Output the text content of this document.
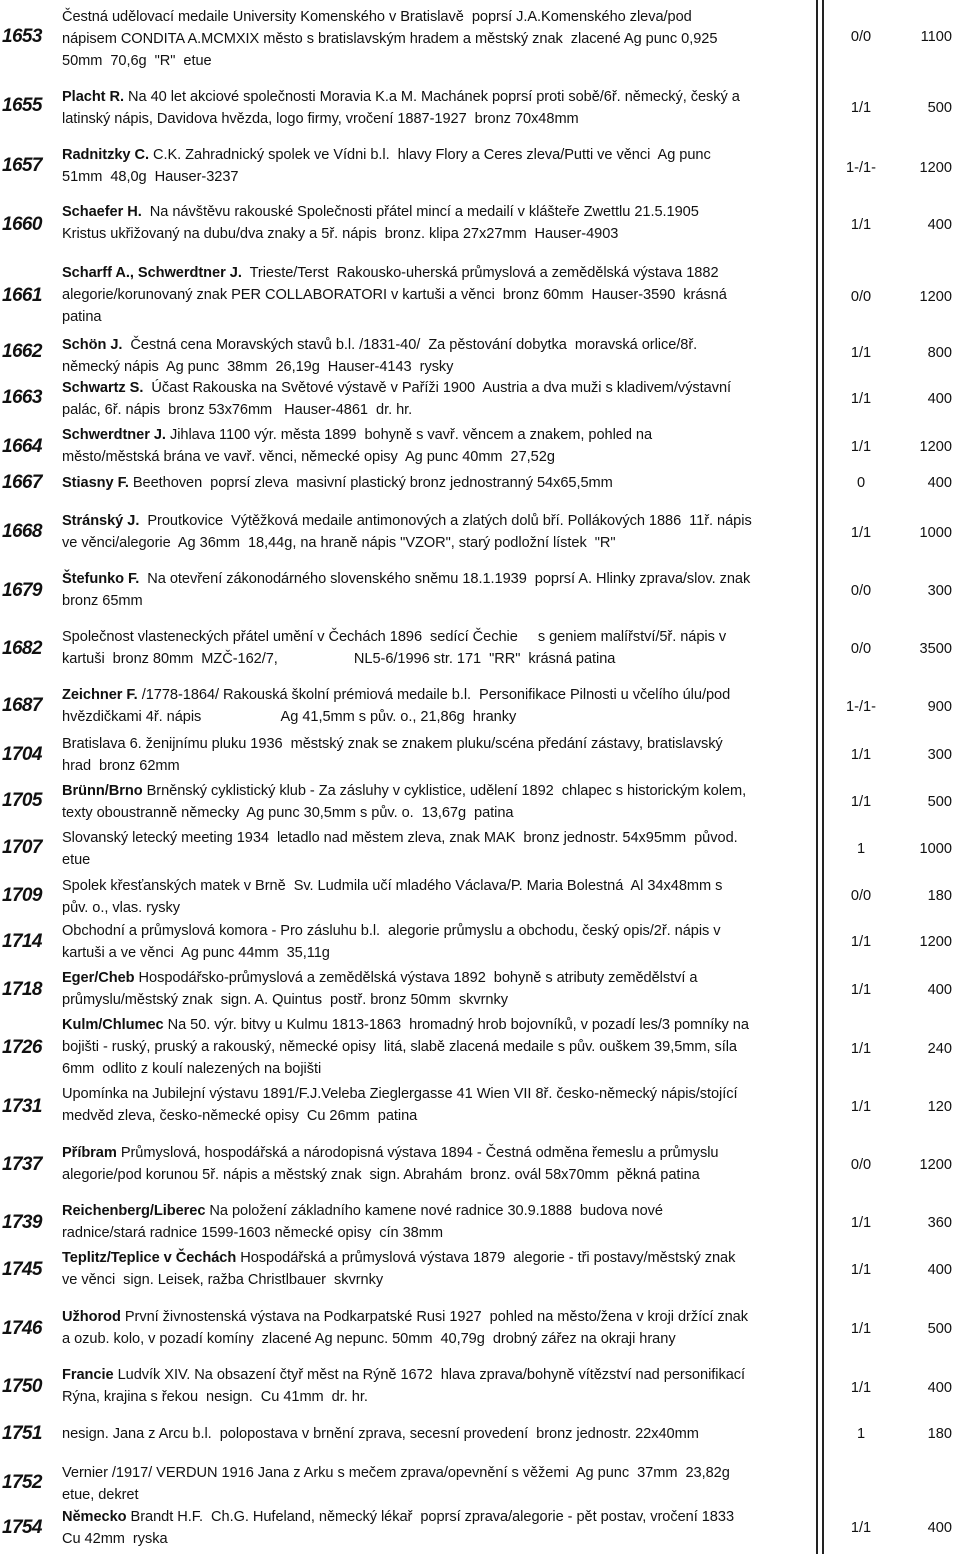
1653
Čestná udělovací medaile University Komenského v Bratislavě  poprsí J.A.Komenského zleva/pod
nápisem CONDITA A.MCMXIX město s bratislavským hradem a městský znak  zlacené Ag punc 0,925
50mm  70,6g  "R"  etue
0/0	1100
1655	Placht R. Na 40 let akciové společnosti Moravia K.a M. Machánek poprsí proti sobě/6ř. německý, český a
latinský nápis, Davidova hvězda, logo firmy, vročení 1887-1927  bronz 70x48mm
1/1	500
1657	Radnitzky C. C.K. Zahradnický spolek ve Vídni b.l.  hlavy Flory a Ceres zleva/Putti ve věnci  Ag punc
51mm  48,0g  Hauser-3237
1-/1-	1200
1660
Schaefer H.  Na návštěvu rakouské Společnosti přátel mincí a medailí v klášteře Zwettlu 21.5.1905
Kristus ukřižovaný na dubu/dva znaky a 5ř. nápis  bronz. klipa 27x27mm  Hauser-4903
1/1	400
1661
Scharff A., Schwerdtner J.  Trieste/Terst  Rakousko-uherská průmyslová a zemědělská výstava 1882
alegorie/korunovaný znak PER COLLABORATORI v kartuši a věnci  bronz 60mm  Hauser-3590  krásná
patina
0/0	1200
1662	Schön J.  Čestná cena Moravských stavů b.l. /1831-40/  Za pěstování dobytka  moravská orlice/8ř.
německý nápis  Ag punc  38mm  26,19g  Hauser-4143  rysky
1/1	800
1663	Schwartz S.  Účast Rakouska na Světové výstavě v Paříži 1900  Austria a dva muži s kladivem/výstavní
palác, 6ř. nápis  bronz 53x76mm   Hauser-4861  dr. hr.
1/1	400
1664
Schwerdtner J. Jihlava 1100 výr. města 1899  bohyně s vavř. věncem a znakem, pohled na
město/městská brána ve vavř. věnci, německé opisy  Ag punc 40mm  27,52g
1/1	1200
1667	Stiasny F. Beethoven  poprsí zleva  masivní plastický bronz jednostranný 54x65,5mm	0	400
1668	Stránský J.  Proutkovice  Výtěžková medaile antimonových a zlatých dolů bří. Pollákových 1886  11ř. nápis
ve věnci/alegorie  Ag 36mm  18,44g, na hraně nápis "VZOR", starý podložní lístek  "R"
1/1	1000
1679
Štefunko F.  Na otevření zákonodárného slovenského sněmu 18.1.1939  poprsí A. Hlinky zpravа/slov. znak
bronz 65mm
0/0	300
1682
Společnost vlasteneckých přátel umění v Čechách 1896  sedící Čechie     s geniem malířství/5ř. nápis v
kartuši  bronz 80mm  MZČ-162/7,                   NL5-6/1996 str. 171  "RR"  krásná patina
0/0	3500
1687	Zeichner F. /1778-1864/ Rakouská školní prémiová medaile b.l.  Personifikace Pilnosti u včelího úlu/pod
hvězdičkami 4ř. nápis                    Ag 41,5mm s pův. o., 21,86g  hranky
1-/1-	900
1704	Bratislava 6. ženijnímu pluku 1936  městský znak se znakem pluku/scéna předání zástavy, bratislavský
hrad  bronz 62mm
1/1	300
1705	Brünn/Brno Brněnský cyklistický klub - Za zásluhy v cyklistice, udělení 1892  chlapec s historickým kolem,
texty oboustranně německy  Ag punc 30,5mm s pův. o.  13,67g  patina
1/1	500
1707	Slovanský letecký meeting 1934  letadlo nad městem zleva, znak MAK  bronz jednostr. 54x95mm  původ.
etue
1	1000
1709	Spolek křesťanských matek v Brně  Sv. Ludmila učí mladého Václava/P. Maria Bolestná  Al 34x48mm s
pův. o., vlas. rysky
0/0	180
1714	Obchodní a průmyslová komora - Pro zásluhu b.l.  alegorie průmyslu a obchodu, český opis/2ř. nápis v
kartuši a ve věnci  Ag punc 44mm  35,11g
1/1	1200
1718
Eger/Cheb Hospodářsko-průmyslová a zemědělská výstava 1892  bohyně s atributy zemědělství a
průmyslu/městský znak  sign. A. Quintus  postř. bronz 50mm  skvrnky
1/1	400
1726
Kulm/Chlumec Na 50. výr. bitvy u Kulmu 1813-1863  hromadný hrob bojovníků, v pozadí les/3 pomníky na
bojišti - ruský, pruský a rakouský, německé opisy  litá, slabě zlacená medaile s pův. ouškem 39,5mm, síla
6mm  odlito z koulí nalezených na bojišti
1/1	240
1731
Upomínka na Jubilejní výstavu 1891/F.J.Veleba Zieglergasse 41 Wien VII 8ř. česko-německý nápis/stojící
medvěd zleva, česko-německé opisy  Cu 26mm  patina
1/1	120
1737
Příbram Průmyslová, hospodářská a národopisná výstava 1894 - Čestná odměna řemeslu a průmyslu
alegorie/pod korunou 5ř. nápis a městský znak  sign. Abrahám  bronz. ovál 58x70mm  pěkná patina
0/0	1200
1739
Reichenberg/Liberec Na položení základního kamene nové radnice 30.9.1888  budova nové
radnice/stará radnice 1599-1603 německé opisy  cín 38mm
1/1	360
1745
Teplitz/Teplice v Čechách Hospodářská a průmyslová výstava 1879  alegorie - tři postavy/městský znak
ve věnci  sign. Leisek, ražba Christlbauer  skvrnky
1/1	400
1746
Užhorod První živnostenská výstava na Podkarpatské Rusi 1927  pohled na město/žena v kroji držící znak
a ozub. kolo, v pozadí komíny  zlacené Ag nepunc. 50mm  40,79g  drobný zářez na okraji hrany
1/1	500
1750
Francie Ludvík XIV. Na obsazení čtyř měst na Rýně 1672  hlava zprava/bohyně vítězství nad personifikací
Rýna, krajina s řekou  nesign.  Cu 41mm  dr. hr.
1/1	400
1751	nesign. Jana z Arcu b.l.  polopostava v brnění zprava, secesní provedení  bronz jednostr. 22x40mm	1	180
1752	Vernier /1917/ VERDUN 1916 Jana z Arku s mečem zprava/opevnění s věžemi  Ag punc  37mm  23,82g
etue, dekret
1754	Německo Brandt H.F.  Ch.G. Hufeland, německý lékař  poprsí zprava/alegorie - pět postav, vročení 1833
Cu 42mm  ryska
1/1	400
